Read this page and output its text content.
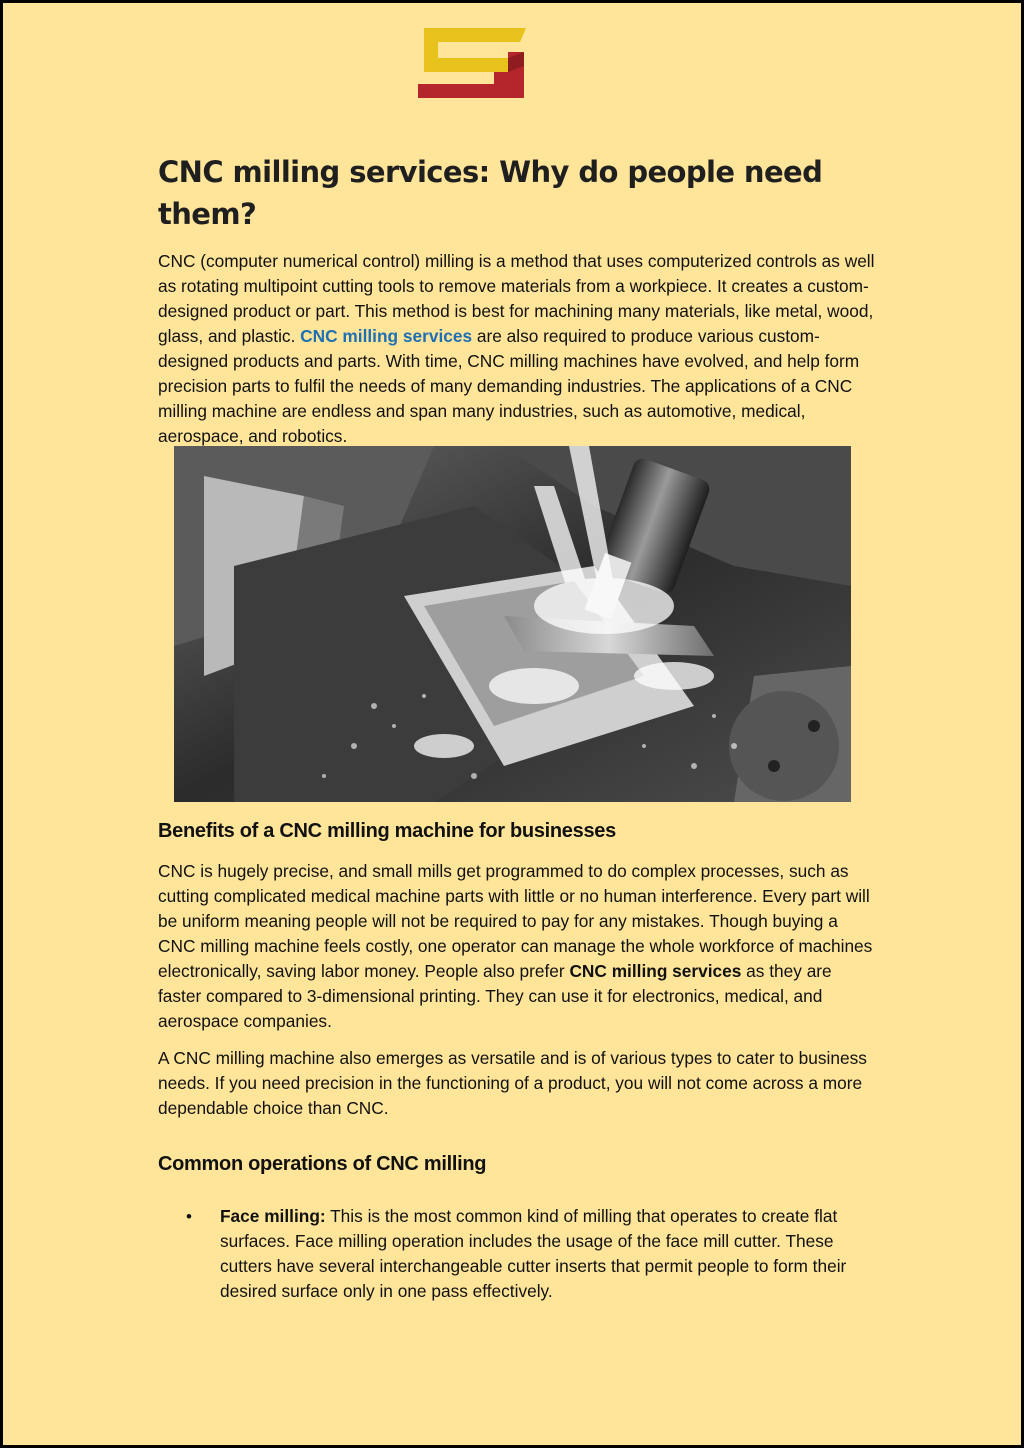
CNC milling services: Why do people need them?

CNC (computer numerical control) milling is a method that uses computerized controls as well as rotating multipoint cutting tools to remove materials from a workpiece. It creates a custom-designed product or part. This method is best for machining many materials, like metal, wood, glass, and plastic. CNC milling services are also required to produce various custom-designed products and parts. With time, CNC milling machines have evolved, and help form precision parts to fulfil the needs of many demanding industries. The applications of a CNC milling machine are endless and span many industries, such as automotive, medical, aerospace, and robotics.

Benefits of a CNC milling machine for businesses

CNC is hugely precise, and small mills get programmed to do complex processes, such as cutting complicated medical machine parts with little or no human interference. Every part will be uniform meaning people will not be required to pay for any mistakes. Though buying a CNC milling machine feels costly, one operator can manage the whole workforce of machines electronically, saving labor money. People also prefer CNC milling services as they are faster compared to 3-dimensional printing. They can use it for electronics, medical, and aerospace companies.

A CNC milling machine also emerges as versatile and is of various types to cater to business needs. If you need precision in the functioning of a product, you will not come across a more dependable choice than CNC.

Common operations of CNC milling
•	Face milling: This is the most common kind of milling that operates to create flat surfaces. Face milling operation includes the usage of the face mill cutter. These cutters have several interchangeable cutter inserts that permit people to form their desired surface only in one pass effectively.
